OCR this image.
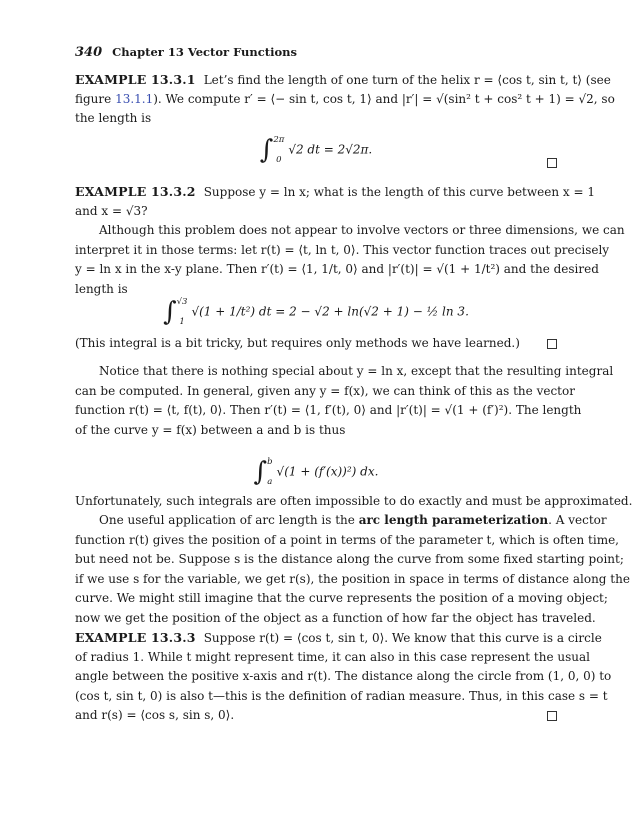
340 Chapter 13 Vector Functions
EXAMPLE 13.3.1 Let’s find the length of one turn of the helix r = ⟨cos t, sin t, t⟩ (see
figure 13.1.1). We compute r′ = ⟨− sin t, cos t, 1⟩ and |r′| = √(sin² t + cos² t + 1) = √2, so
the length is
∫ 2π
0
√2 dt = 2√2π.
EXAMPLE 13.3.2 Suppose y = ln x; what is the length of this curve between x = 1
and x = √3?
Although this problem does not appear to involve vectors or three dimensions, we can
interpret it in those terms: let r(t) = ⟨t, ln t, 0⟩. This vector function traces out precisely
y = ln x in the x-y plane. Then r′(t) = ⟨1, 1/t, 0⟩ and |r′(t)| = √(1 + 1/t²) and the desired
length is
∫ √3
1
√(1 + 1/t²) dt = 2 − √2 + ln(√2 + 1) − ½ ln 3.
(This integral is a bit tricky, but requires only methods we have learned.)
Notice that there is nothing special about y = ln x, except that the resulting integral
can be computed. In general, given any y = f(x), we can think of this as the vector
function r(t) = ⟨t, f(t), 0⟩. Then r′(t) = ⟨1, f′(t), 0⟩ and |r′(t)| = √(1 + (f′)²). The length
of the curve y = f(x) between a and b is thus
∫ b
a
√(1 + (f′(x))²) dx.
Unfortunately, such integrals are often impossible to do exactly and must be approximated.
One useful application of arc length is the arc length parameterization. A vector
function r(t) gives the position of a point in terms of the parameter t, which is often time,
but need not be. Suppose s is the distance along the curve from some fixed starting point;
if we use s for the variable, we get r(s), the position in space in terms of distance along the
curve. We might still imagine that the curve represents the position of a moving object;
now we get the position of the object as a function of how far the object has traveled.
EXAMPLE 13.3.3 Suppose r(t) = ⟨cos t, sin t, 0⟩. We know that this curve is a circle
of radius 1. While t might represent time, it can also in this case represent the usual
angle between the positive x-axis and r(t). The distance along the circle from (1, 0, 0) to
(cos t, sin t, 0) is also t—this is the definition of radian measure. Thus, in this case s = t
and r(s) = ⟨cos s, sin s, 0⟩.
